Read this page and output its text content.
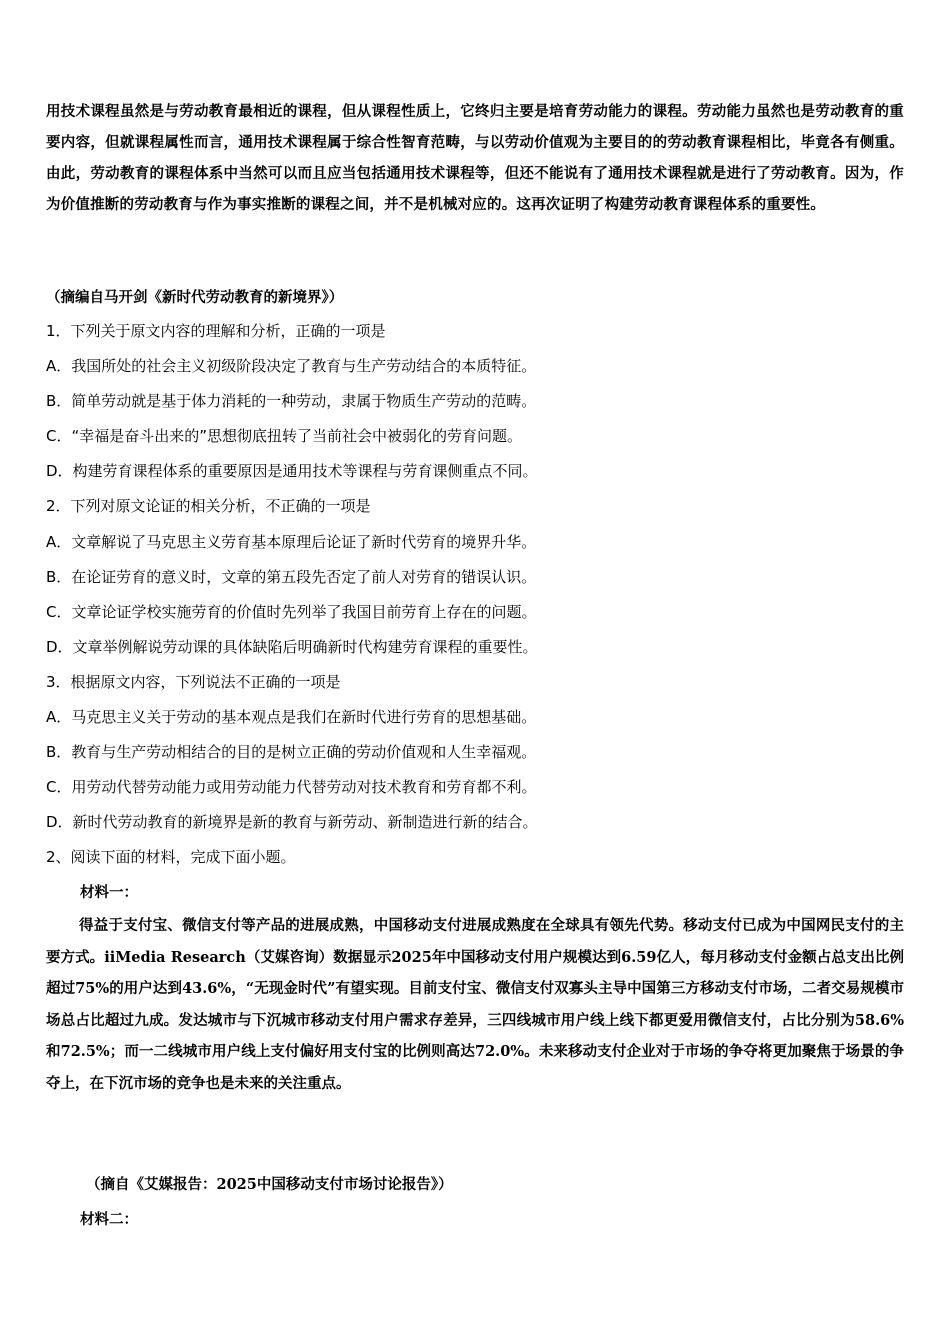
用技术课程虽然是与劳动教育最相近的课程，但从课程性质上，它终归主要是培育劳动能力的课程。劳动能力虽然也是劳动教育的重要内容，但就课程属性而言，通用技术课程属于综合性智育范畴，与以劳动价值观为主要目的的劳动教育课程相比，毕竟各有侧重。由此，劳动教育的课程体系中当然可以而且应当包括通用技术课程等，但还不能说有了通用技术课程就是进行了劳动教育。因为，作为价值推断的劳动教育与作为事实推断的课程之间，并不是机械对应的。这再次证明了构建劳动教育课程体系的重要性。
（摘编自马开剑《新时代劳动教育的新境界》）
1．下列关于原文内容的理解和分析，正确的一项是
A．我国所处的社会主义初级阶段决定了教育与生产劳动结合的本质特征。
B．简单劳动就是基于体力消耗的一种劳动，隶属于物质生产劳动的范畴。
C．“幸福是奋斗出来的”思想彻底扭转了当前社会中被弱化的劳育问题。
D．构建劳育课程体系的重要原因是通用技术等课程与劳育课侧重点不同。
2．下列对原文论证的相关分析，不正确的一项是
A．文章解说了马克思主义劳育基本原理后论证了新时代劳育的境界升华。
B．在论证劳育的意义时，文章的第五段先否定了前人对劳育的错误认识。
C．文章论证学校实施劳育的价值时先列举了我国目前劳育上存在的问题。
D．文章举例解说劳动课的具体缺陷后明确新时代构建劳育课程的重要性。
3．根据原文内容，下列说法不正确的一项是
A．马克思主义关于劳动的基本观点是我们在新时代进行劳育的思想基础。
B．教育与生产劳动相结合的目的是树立正确的劳动价值观和人生幸福观。
C．用劳动代替劳动能力或用劳动能力代替劳动对技术教育和劳育都不利。
D．新时代劳动教育的新境界是新的教育与新劳动、新制造进行新的结合。
2、阅读下面的材料，完成下面小题。
材料一：

得益于支付宝、微信支付等产品的进展成熟，中国移动支付进展成熟度在全球具有领先代势。移动支付已成为中国网民支付的主要方式。iiMedia Research（艾媒咨询）数据显示2025年中国移动支付用户规模达到6.59亿人，每月移动支付金额占总支出比例超过75%的用户达到43.6%，“无现金时代”有望实现。目前支付宝、微信支付双寡头主导中国第三方移动支付市场，二者交易规模市场总占比超过九成。发达城市与下沉城市移动支付用户需求存差异，三四线城市用户线上线下都更爱用微信支付，占比分别为58.6%和72.5%；而一二线城市用户线上支付偏好用支付宝的比例则高达72.0%。未来移动支付企业对于市场的争夺将更加聚焦于场景的争夺上，在下沉市场的竞争也是未来的关注重点。

（摘自《艾媒报告：2025中国移动支付市场讨论报告》）
材料二：
